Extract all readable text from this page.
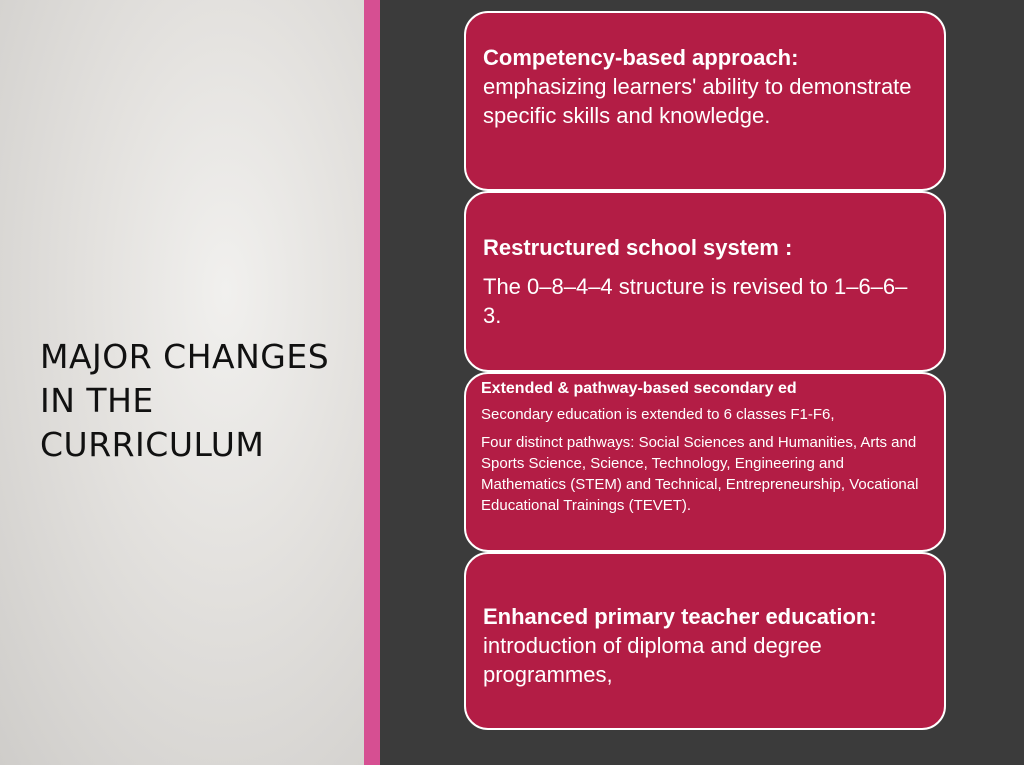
MAJOR CHANGES IN THE CURRICULUM
Competency-based approach:
emphasizing learners' ability to demonstrate specific skills and knowledge.
Restructured school system :
The 0–8–4–4 structure is revised to 1–6–6–3.
Extended & pathway-based secondary ed
Secondary education is extended to 6 classes F1-F6,
Four distinct pathways: Social Sciences and Humanities, Arts and Sports Science, Science, Technology, Engineering and Mathematics (STEM) and Technical, Entrepreneurship, Vocational Educational Trainings (TEVET).
Enhanced primary teacher education:  introduction of diploma and degree programmes,
